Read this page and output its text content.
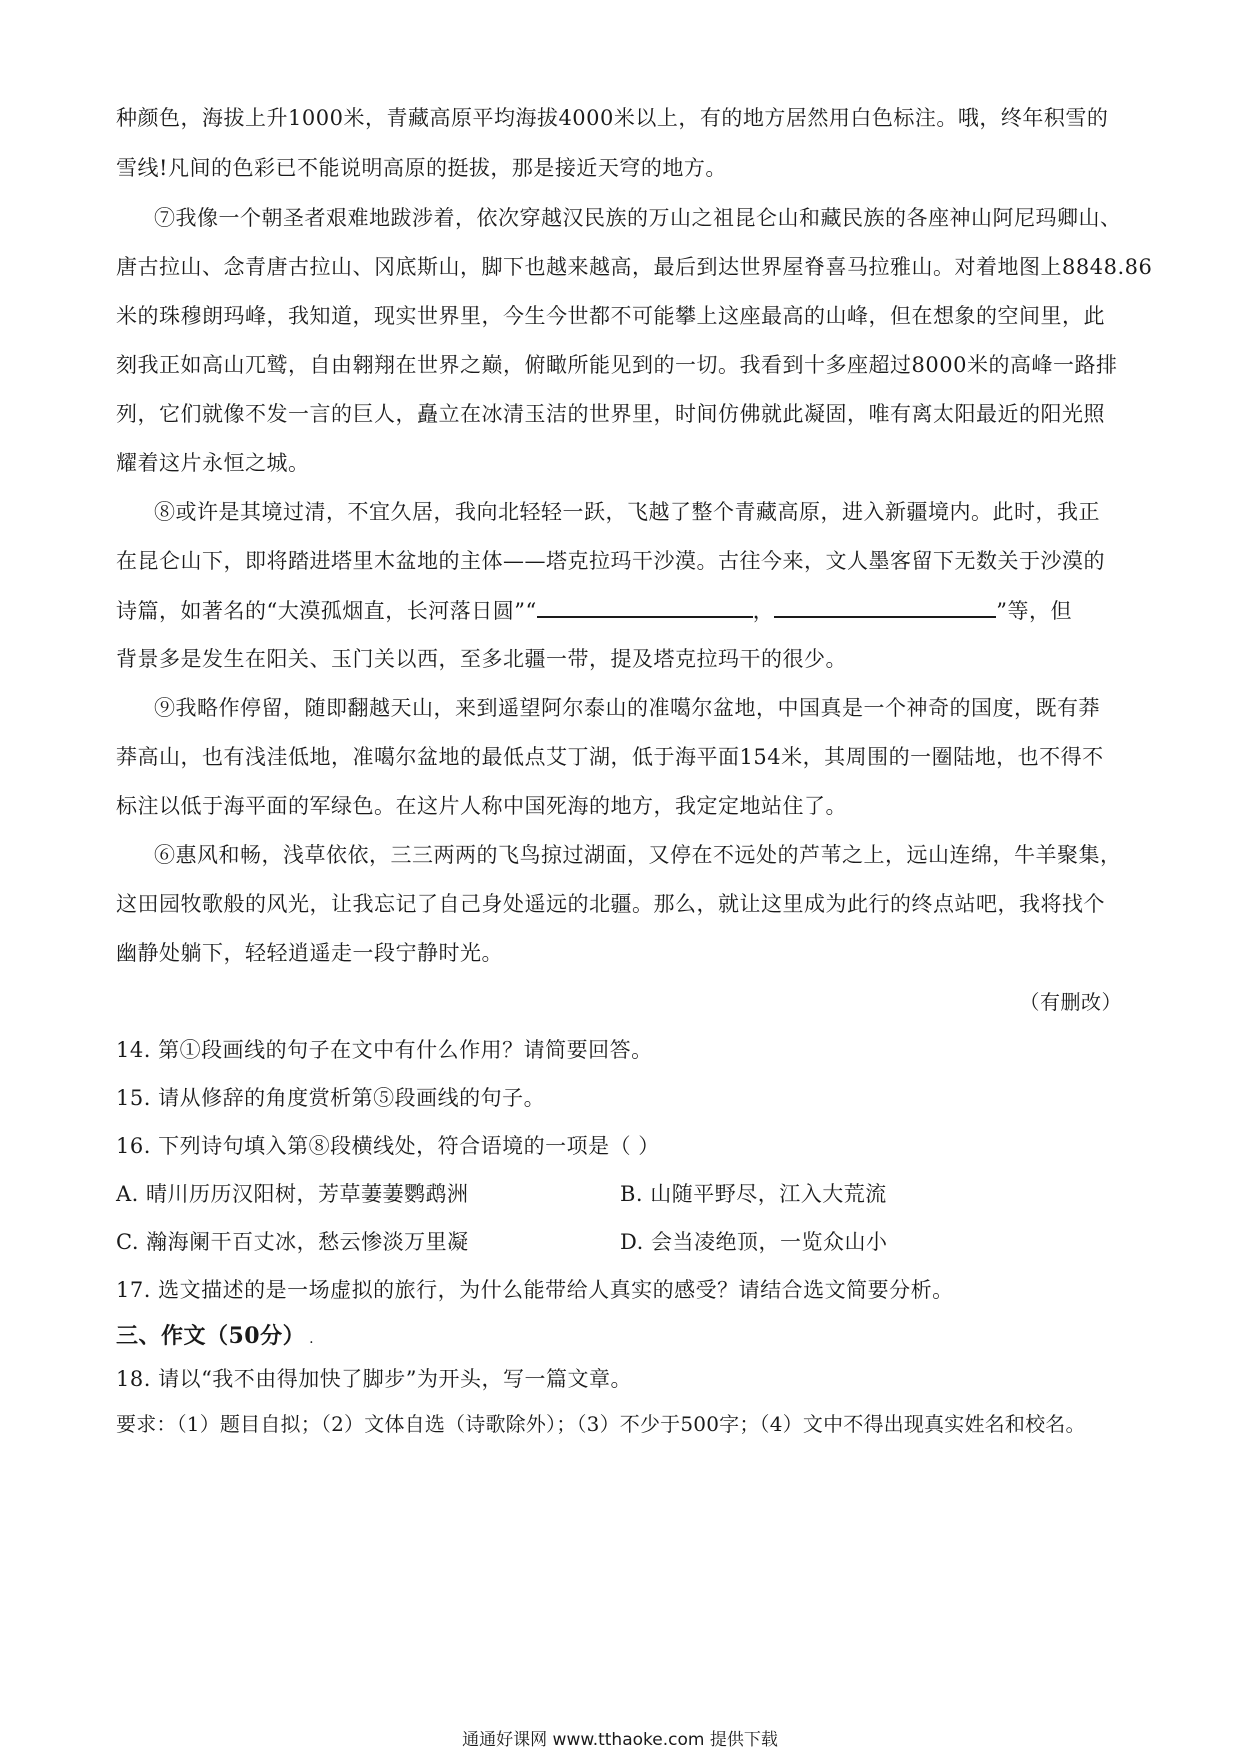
种颜色，海拔上升1000米，青藏高原平均海拔4000米以上，有的地方居然用白色标注。哦，终年积雪的
雪线!凡间的色彩已不能说明高原的挺拔，那是接近天穹的地方。
⑦我像一个朝圣者艰难地跋涉着，依次穿越汉民族的万山之祖昆仑山和藏民族的各座神山阿尼玛卿山、
唐古拉山、念青唐古拉山、冈底斯山，脚下也越来越高，最后到达世界屋脊喜马拉雅山。对着地图上8848.86
米的珠穆朗玛峰，我知道，现实世界里，今生今世都不可能攀上这座最高的山峰，但在想象的空间里，此
刻我正如高山兀鹫，自由翱翔在世界之巅，俯瞰所能见到的一切。我看到十多座超过8000米的高峰一路排
列，它们就像不发一言的巨人，矗立在冰清玉洁的世界里，时间仿佛就此凝固，唯有离太阳最近的阳光照
耀着这片永恒之城。
⑧或许是其境过清，不宜久居，我向北轻轻一跃，飞越了整个青藏高原，进入新疆境内。此时，我正
在昆仑山下，即将踏进塔里木盆地的主体——塔克拉玛干沙漠。古往今来，文人墨客留下无数关于沙漠的
诗篇，如著名的“大漠孤烟直，长河落日圆”“	，	”等，但
背景多是发生在阳关、玉门关以西，至多北疆一带，提及塔克拉玛干的很少。
⑨我略作停留，随即翻越天山，来到遥望阿尔泰山的准噶尔盆地，中国真是一个神奇的国度，既有莽
莽高山，也有浅洼低地，准噶尔盆地的最低点艾丁湖，低于海平面154米，其周围的一圈陆地，也不得不
标注以低于海平面的军绿色。在这片人称中国死海的地方，我定定地站住了。
⑥惠风和畅，浅草依依，三三两两的飞鸟掠过湖面，又停在不远处的芦苇之上，远山连绵，牛羊聚集，
这田园牧歌般的风光，让我忘记了自己身处遥远的北疆。那么，就让这里成为此行的终点站吧，我将找个
幽静处躺下，轻轻逍遥走一段宁静时光。
（有删改）
14. 第①段画线的句子在文中有什么作用？请简要回答。
15. 请从修辞的角度赏析第⑤段画线的句子。
16. 下列诗句填入第⑧段横线处，符合语境的一项是（ ）
A. 晴川历历汉阳树，芳草萋萋鹦鹉洲	B. 山随平野尽，江入大荒流
C. 瀚海阑干百丈冰，愁云惨淡万里凝	D. 会当凌绝顶，一览众山小
17. 选文描述的是一场虚拟的旅行，为什么能带给人真实的感受？请结合选文简要分析。
三、作文（50分） .
18. 请以“我不由得加快了脚步”为开头，写一篇文章。
要求：（1）题目自拟；（2）文体自选（诗歌除外）；（3）不少于500字；（4）文中不得出现真实姓名和校名。
通通好课网 www.tthaoke.com 提供下载
